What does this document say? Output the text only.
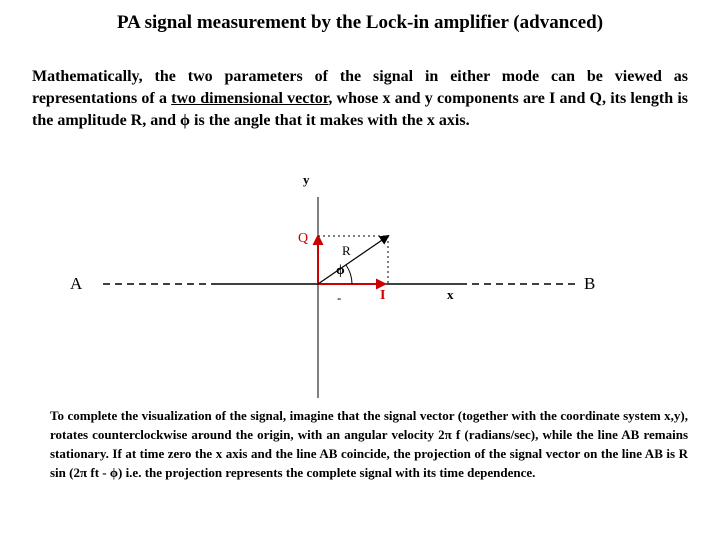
PA signal measurement by the Lock-in amplifier (advanced)
Mathematically, the two parameters of the signal in either mode can be viewed as representations of a two dimensional vector, whose x and y components are I and Q, its length is the amplitude R, and ϕ is the angle that it makes with the x axis.
y
Q
R
ϕ
-	I	x
A	B
To complete the visualization of the signal, imagine that the signal vector (together with the coordinate system x,y), rotates counterclockwise around the origin, with an angular velocity 2π f (radians/sec), while the line AB remains stationary. If at time zero the x axis and the line AB coincide, the projection of the signal vector on the line AB is R sin (2π ft - ϕ) i.e. the projection represents the complete signal with its time dependence.
